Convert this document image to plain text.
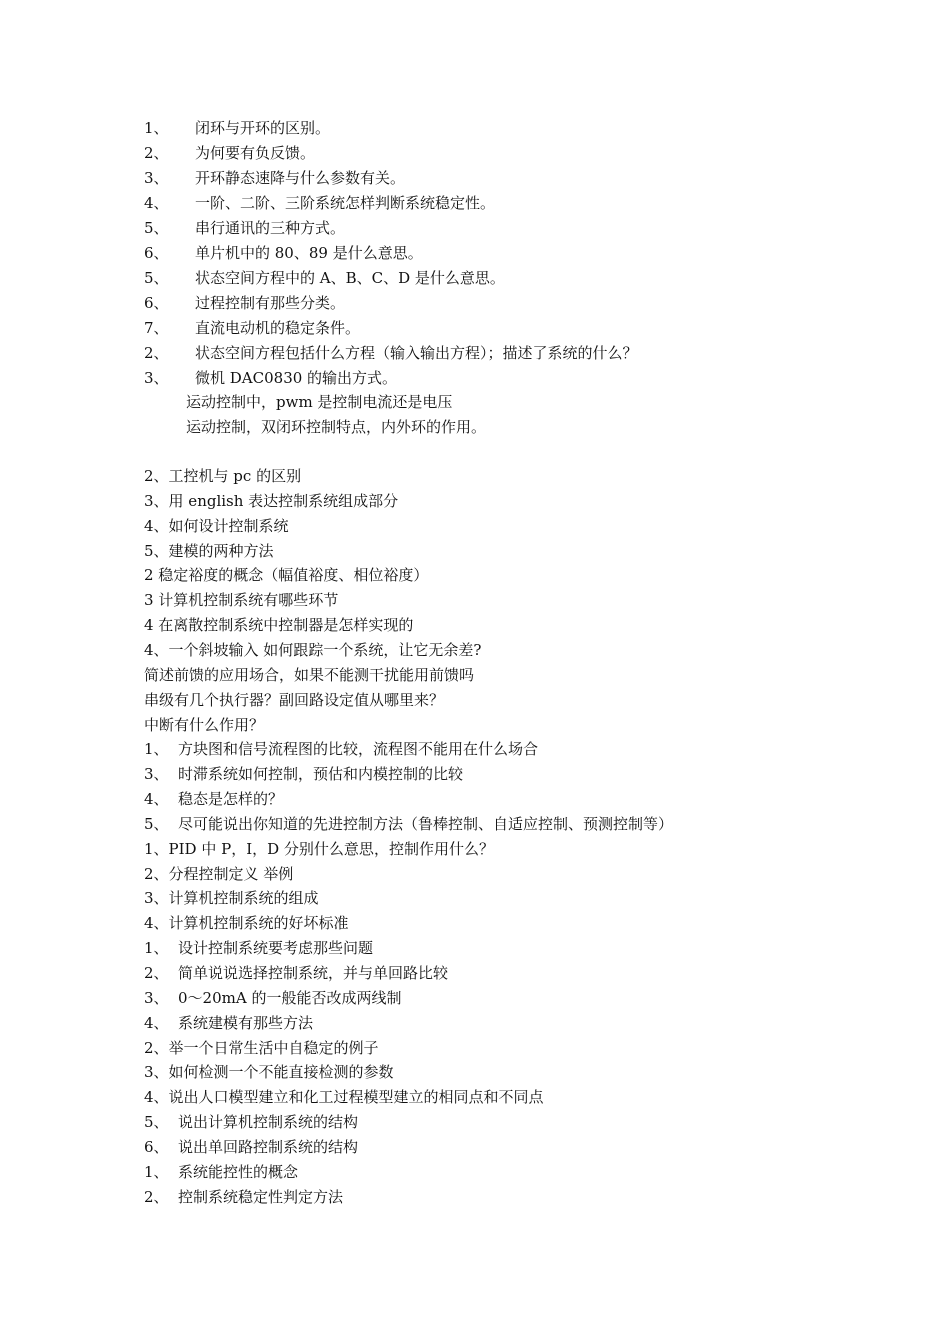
1、 闭环与开环的区别。
2、 为何要有负反馈。
3、 开环静态速降与什么参数有关。
4、 一阶、二阶、三阶系统怎样判断系统稳定性。
5、 串行通讯的三种方式。
6、 单片机中的 80、89 是什么意思。
5、 状态空间方程中的 A、B、C、D 是什么意思。
6、 过程控制有那些分类。
7、 直流电动机的稳定条件。
2、 状态空间方程包括什么方程（输入输出方程）；描述了系统的什么？
3、 微机 DAC0830 的输出方式。
运动控制中，pwm 是控制电流还是电压
运动控制，双闭环控制特点，内外环的作用。
2、工控机与 pc 的区别
3、用 english 表达控制系统组成部分
4、如何设计控制系统
5、建模的两种方法
2 稳定裕度的概念（幅值裕度、相位裕度）
3 计算机控制系统有哪些环节
4 在离散控制系统中控制器是怎样实现的
4、一个斜坡输入 如何跟踪一个系统，让它无余差?
简述前馈的应用场合，如果不能测干扰能用前馈吗
串级有几个执行器？副回路设定值从哪里来？
中断有什么作用？
1、 方块图和信号流程图的比较，流程图不能用在什么场合
3、 时滞系统如何控制，预估和内模控制的比较
4、 稳态是怎样的？
5、 尽可能说出你知道的先进控制方法（鲁棒控制、自适应控制、预测控制等）
1、PID 中 P，I，D 分别什么意思，控制作用什么？
2、分程控制定义 举例
3、计算机控制系统的组成
4、计算机控制系统的好坏标准
1、 设计控制系统要考虑那些问题
2、 简单说说选择控制系统，并与单回路比较
3、 0～20mA 的一般能否改成两线制
4、 系统建模有那些方法
2、举一个日常生活中自稳定的例子
3、如何检测一个不能直接检测的参数
4、说出人口模型建立和化工过程模型建立的相同点和不同点
5、 说出计算机控制系统的结构
6、 说出单回路控制系统的结构
1、 系统能控性的概念
2、 控制系统稳定性判定方法
